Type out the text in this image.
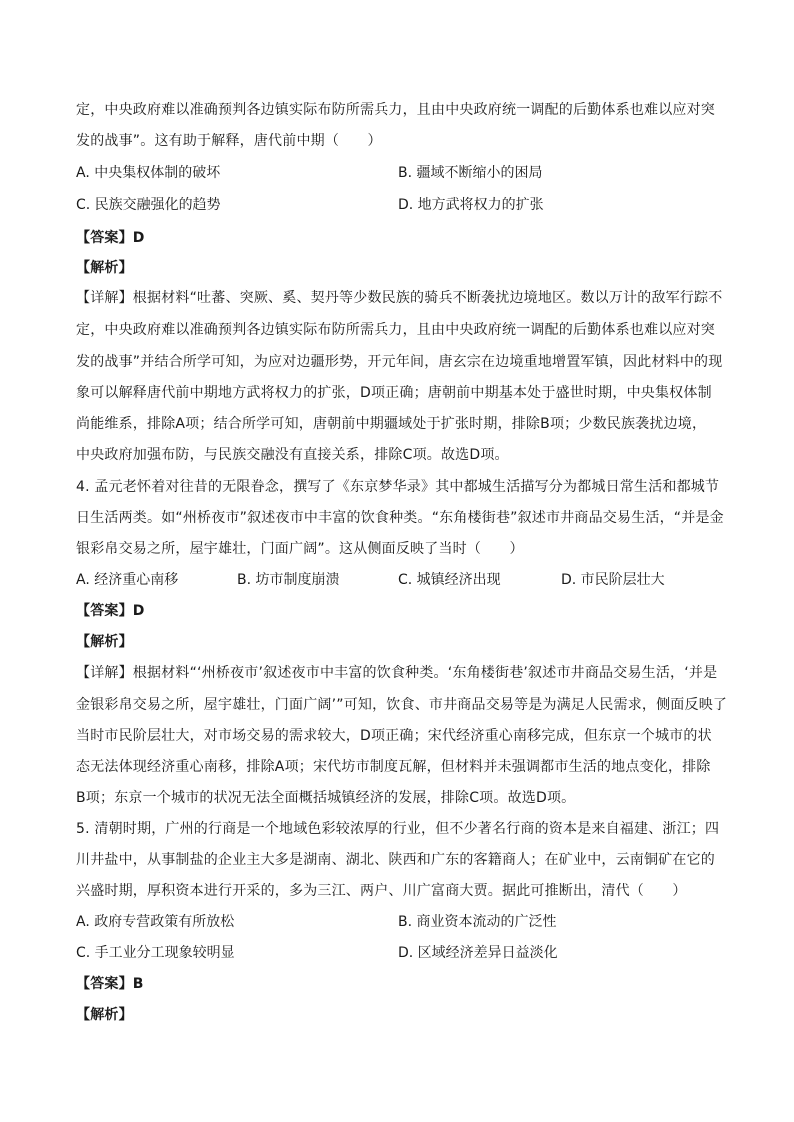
定，中央政府难以准确预判各边镇实际布防所需兵力，且由中央政府统一调配的后勤体系也难以应对突
发的战事”。这有助于解释，唐代前中期（　　）
A. 中央集权体制的破坏	B. 疆域不断缩小的困局
C. 民族交融强化的趋势	D. 地方武将权力的扩张
【答案】D
【解析】
【详解】根据材料“吐蕃、突厥、奚、契丹等少数民族的骑兵不断袭扰边境地区。数以万计的敌军行踪不
定，中央政府难以准确预判各边镇实际布防所需兵力，且由中央政府统一调配的后勤体系也难以应对突
发的战事”并结合所学可知，为应对边疆形势，开元年间，唐玄宗在边境重地增置军镇，因此材料中的现
象可以解释唐代前中期地方武将权力的扩张，D项正确；唐朝前中期基本处于盛世时期，中央集权体制
尚能维系，排除A项；结合所学可知，唐朝前中期疆域处于扩张时期，排除B项；少数民族袭扰边境，
中央政府加强布防，与民族交融没有直接关系，排除C项。故选D项。
4. 孟元老怀着对往昔的无限眷念，撰写了《东京梦华录》其中都城生活描写分为都城日常生活和都城节
日生活两类。如“州桥夜市”叙述夜市中丰富的饮食种类。“东角楼街巷”叙述市井商品交易生活，“并是金
银彩帛交易之所，屋宇雄壮，门面广阔”。这从侧面反映了当时（　　）
A. 经济重心南移	B. 坊市制度崩溃	C. 城镇经济出现	D. 市民阶层壮大
【答案】D
【解析】
【详解】根据材料“‘州桥夜市’叙述夜市中丰富的饮食种类。‘东角楼街巷’叙述市井商品交易生活，‘并是
金银彩帛交易之所，屋宇雄壮，门面广阔’”可知，饮食、市井商品交易等是为满足人民需求，侧面反映了
当时市民阶层壮大，对市场交易的需求较大，D项正确；宋代经济重心南移完成，但东京一个城市的状
态无法体现经济重心南移，排除A项；宋代坊市制度瓦解，但材料并未强调都市生活的地点变化，排除
B项；东京一个城市的状况无法全面概括城镇经济的发展，排除C项。故选D项。
5. 清朝时期，广州的行商是一个地域色彩较浓厚的行业，但不少著名行商的资本是来自福建、浙江；四
川井盐中，从事制盐的企业主大多是湖南、湖北、陕西和广东的客籍商人；在矿业中，云南铜矿在它的
兴盛时期，厚积资本进行开采的，多为三江、两户、川广富商大贾。据此可推断出，清代（　　）
A. 政府专营政策有所放松	B. 商业资本流动的广泛性
C. 手工业分工现象较明显	D. 区域经济差异日益淡化
【答案】B
【解析】
